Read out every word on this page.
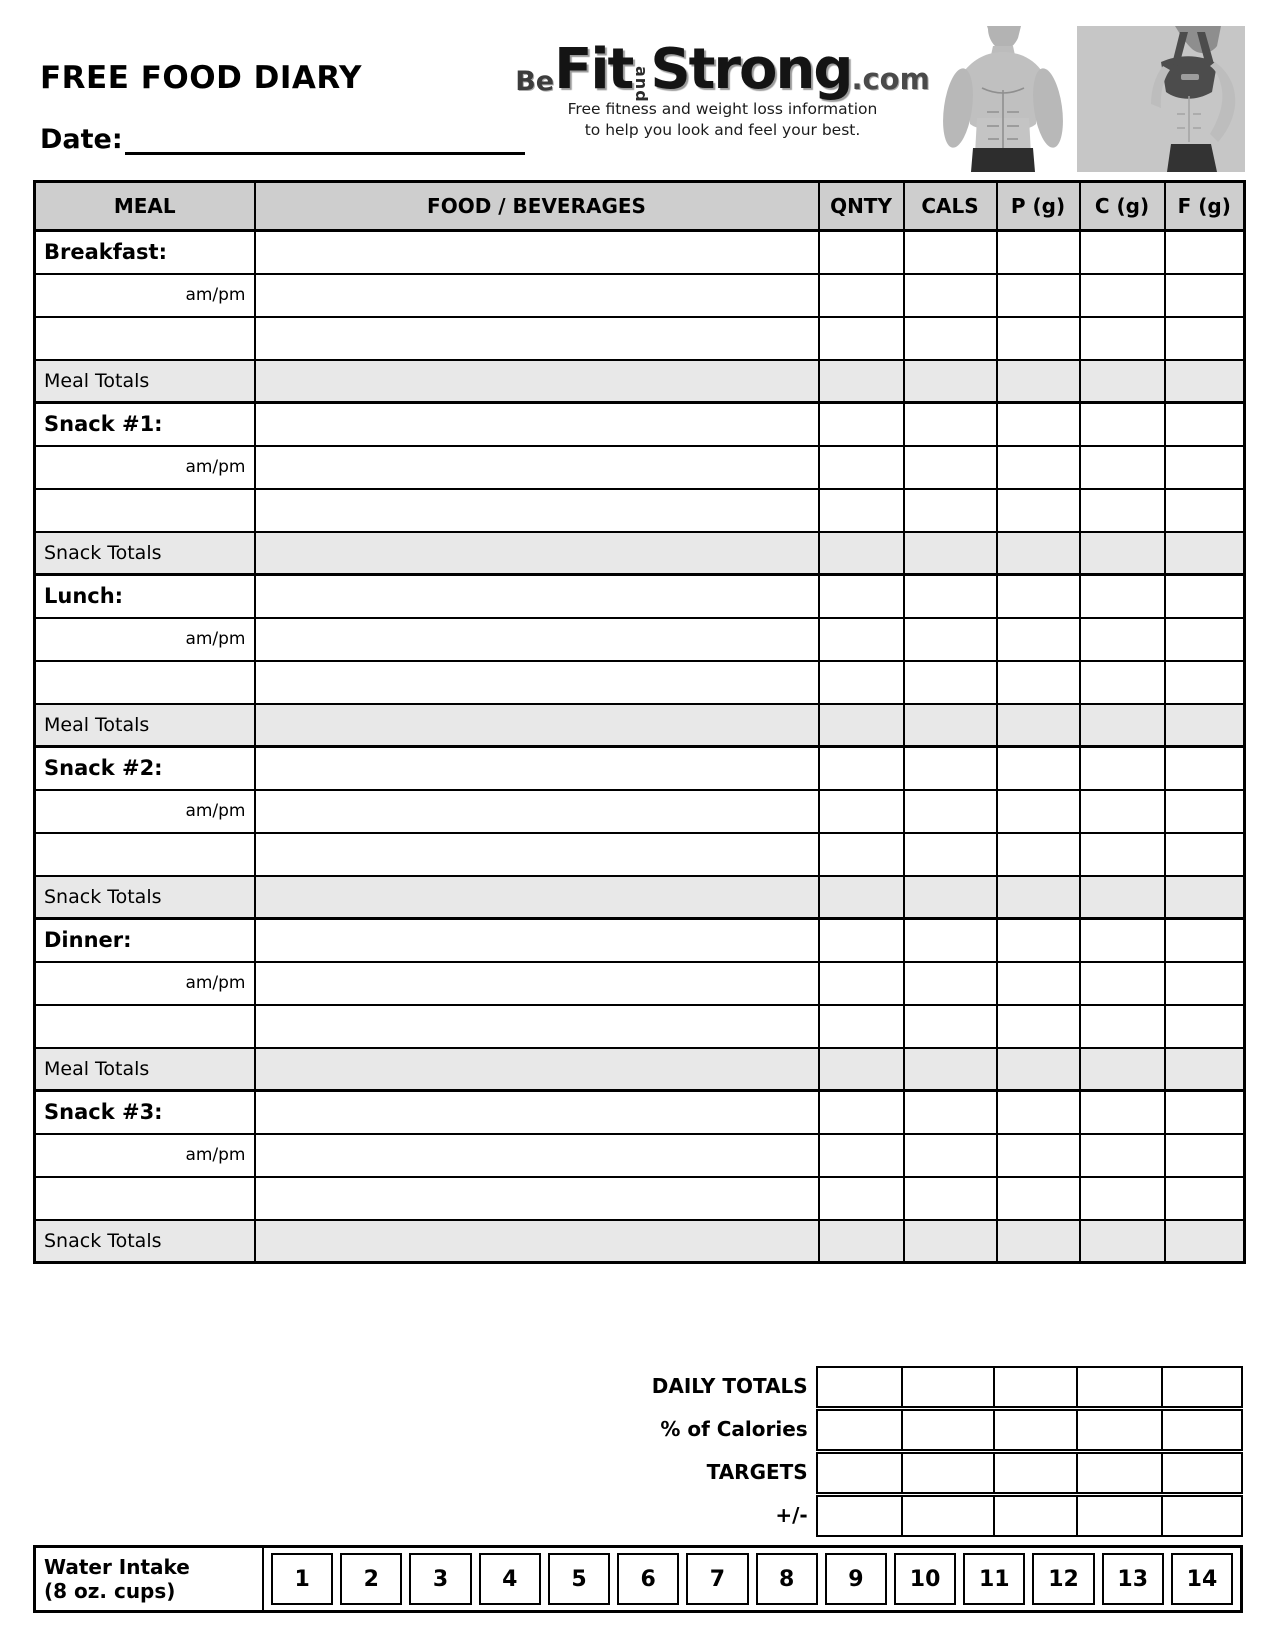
FREE FOOD DIARY
Date:
Be Fit and Strong .com
Free fitness and weight loss information
to help you look and feel your best.
MEAL	FOOD / BEVERAGES	QNTY	CALS	P (g)	C (g)	F (g)
Breakfast:						
am/pm						

Meal Totals						
Snack #1:						
am/pm						

Snack Totals						
Lunch:						
am/pm						

Meal Totals						
Snack #2:						
am/pm						

Snack Totals						
Dinner:						
am/pm						

Meal Totals						
Snack #3:						
am/pm						

Snack Totals						
DAILY TOTALS

% of Calories

TARGETS

+/-

Water Intake
(8 oz. cups)	1	2	3	4	5	6	7	8	9	10	11	12	13	14
